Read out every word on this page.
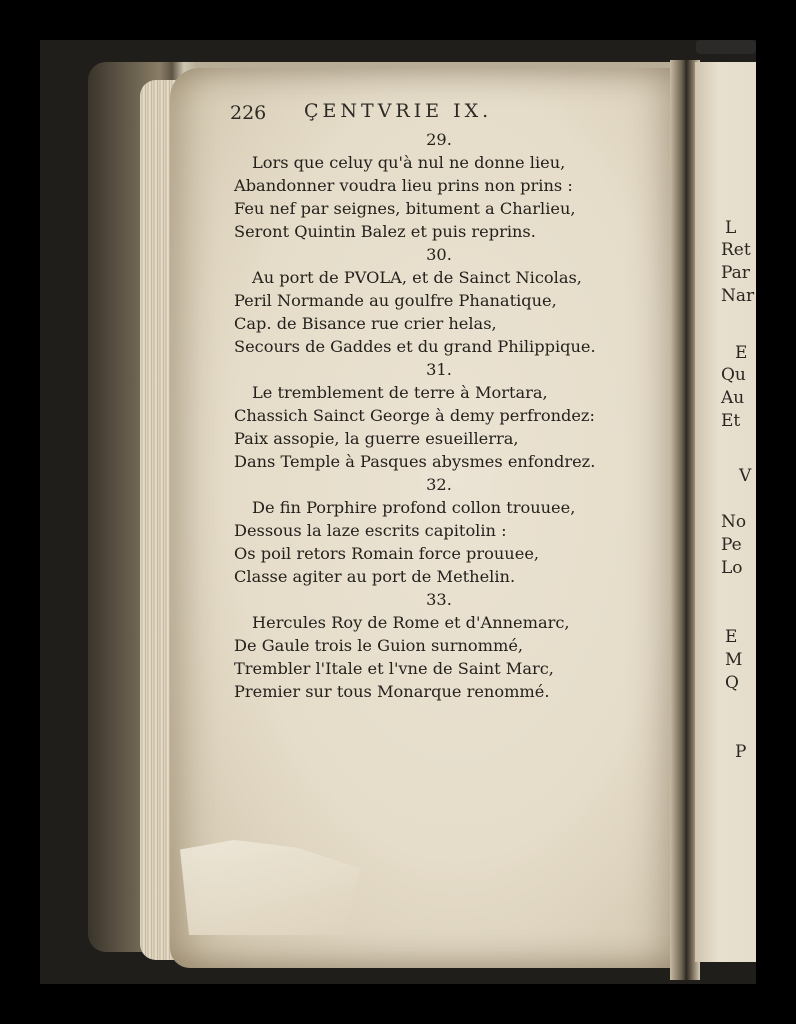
L
Ret
Par
Nar
E
Qu
Au
Et
V
No
Pe
Lo
E
M
Q
P
226 ÇENTVRIE IX.
29.
Lors que celuy qu'à nul ne donne lieu,
Abandonner voudra lieu prins non prins :
Feu nef par seignes, bitument a Charlieu,
Seront Quintin Balez et puis reprins.
30.
Au port de PVOLA, et de Sainct Nicolas,
Peril Normande au goulfre Phanatique,
Cap. de Bisance rue crier helas,
Secours de Gaddes et du grand Philippique.
31.
Le tremblement de terre à Mortara,
Chassich Sainct George à demy perfrondez:
Paix assopie, la guerre esueillerra,
Dans Temple à Pasques abysmes enfondrez.
32.
De fin Porphire profond collon trouuee,
Dessous la laze escrits capitolin :
Os poil retors Romain force prouuee,
Classe agiter au port de Methelin.
33.
Hercules Roy de Rome et d'Annemarc,
De Gaule trois le Guion surnommé,
Trembler l'Itale et l'vne de Saint Marc,
Premier sur tous Monarque renommé.
